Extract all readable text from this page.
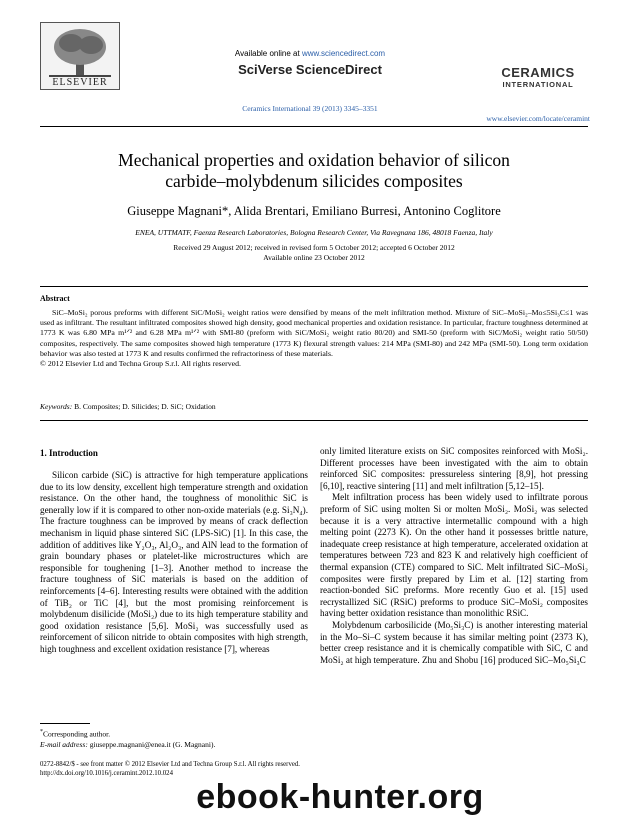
ELSEVIER
Available online at www.sciencedirect.com
SciVerse ScienceDirect
Ceramics International 39 (2013) 3345–3351
CERAMICS
INTERNATIONAL
www.elsevier.com/locate/ceramint
Mechanical properties and oxidation behavior of silicon
carbide–molybdenum silicides composites
Giuseppe Magnani*, Alida Brentari, Emiliano Burresi, Antonino Coglitore
ENEA, UTTMATF, Faenza Research Laboratories, Bologna Research Center, Via Ravegnana 186, 48018 Faenza, Italy
Received 29 August 2012; received in revised form 5 October 2012; accepted 6 October 2012
Available online 23 October 2012
Abstract
SiC–MoSi₂ porous preforms with different SiC/MoSi₂ weight ratios were densified by means of the melt infiltration method. Mixture of SiC–MoSi₂–Mo≤5Si₃C≤1 was used as infiltrant. The resultant infiltrated composites showed high density, good mechanical properties and oxidation resistance. In particular, fracture toughness determined at 1773 K was 6.80 MPa m¹ᐟ² and 6.28 MPa m¹ᐟ² with SMI-80 (preform with SiC/MoSi₂ weight ratio 80/20) and SMI-50 (preform with SiC/MoSi₂ weight ratio 50/50) composites, respectively. The same composites showed high temperature (1773 K) flexural strength values: 214 MPa (SMI-80) and 242 MPa (SMI-50). Long term oxidation behavior was also tested at 1773 K and results confirmed the refractoriness of these materials.
© 2012 Elsevier Ltd and Techna Group S.r.l. All rights reserved.
Keywords: B. Composites; D. Silicides; D. SiC; Oxidation
1. Introduction

Silicon carbide (SiC) is attractive for high temperature applications due to its low density, excellent high temperature strength and oxidation resistance. On the other hand, the toughness of monolithic SiC is generally low if it is compared to other non-oxide materials (e.g. Si₃N₄). The fracture toughness can be improved by means of crack deflection mechanism in liquid phase sintered SiC (LPS-SiC) [1]. In this case, the addition of additives like Y₂O₃, Al₂O₃, and AlN lead to the formation of grain boundary phases or platelet-like microstructures which are responsible for toughening [1–3]. Another method to increase the fracture toughness of SiC materials is based on the addition of reinforcements [4–6]. Interesting results were obtained with the addition of TiB₂ or TiC [4], but the most promising reinforcement is molybdenum disilicide (MoSi₂) due to its high temperature stability and good oxidation resistance [5,6]. MoSi₂ was successfully used as reinforcement of silicon nitride to obtain composites with high strength, high toughness and excellent oxidation resistance [7], whereas

only limited literature exists on SiC composites reinforced with MoSi₂. Different processes have been investigated with the aim to obtain reinforced SiC composites: pressureless sintering [8,9], hot pressing [6,10], reactive sintering [11] and melt infiltration [5,12–15].

Melt infiltration process has been widely used to infiltrate porous preform of SiC using molten Si or molten MoSi₂. MoSi₂ was selected because it is a very attractive intermetallic compound with a high melting point (2273 K). On the other hand it possesses brittle nature, inadequate creep resistance at high temperature, accelerated oxidation at temperatures between 723 and 823 K and relatively high coefficient of thermal expansion (CTE) compared to SiC. Melt infiltrated SiC–MoSi₂ composites were firstly prepared by Lim et al. [12] starting from reaction-bonded SiC preforms. More recently Guo et al. [15] used recrystallized SiC (RSiC) preforms to produce SiC–MoSi₂ composites having better oxidation resistance than monolithic RSiC.

Molybdenum carbosilicide (Mo₅Si₃C) is another interesting material in the Mo–Si–C system because it has similar melting point (2373 K), better creep resistance and it is chemically compatible with SiC, C and MoSi₂ at high temperature. Zhu and Shobu [16] produced SiC–Mo₅Si₃C

*Corresponding author.
E-mail address: giuseppe.magnani@enea.it (G. Magnani).
0272-8842/$ - see front matter © 2012 Elsevier Ltd and Techna Group S.r.l. All rights reserved.
http://dx.doi.org/10.1016/j.ceramint.2012.10.024
ebook-hunter.org
